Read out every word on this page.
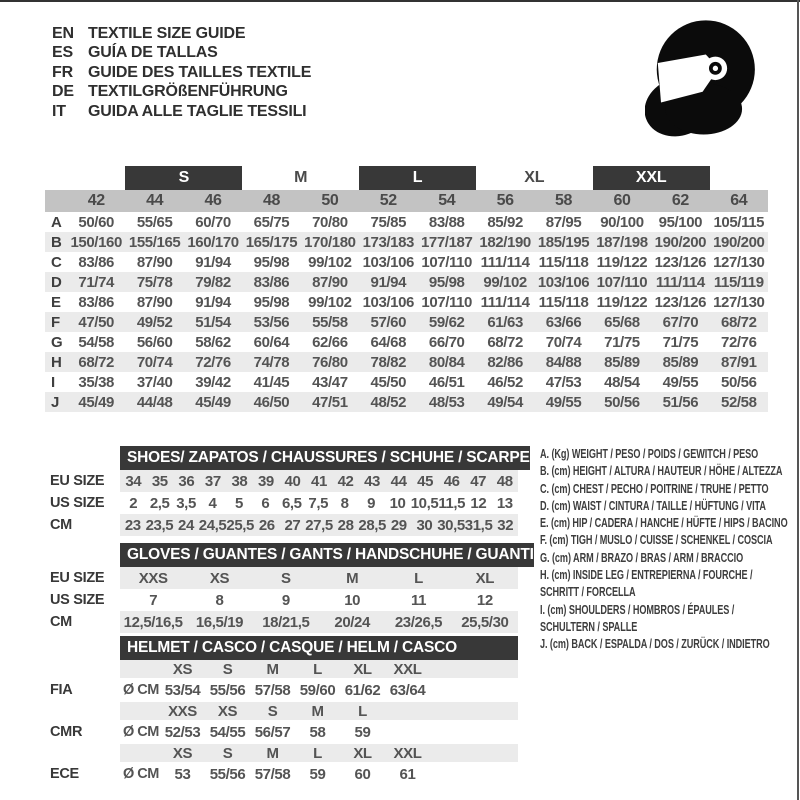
EN TEXTILE SIZE GUIDE
ES GUÍA DE TALLAS
FR GUIDE DES TAILLES TEXTILE
DE TEXTILGRÖßENFÜHRUNG
IT	GUIDA ALLE TAGLIE TESSILI
S	M	L	XL	XXL
42	44	46	48	50	52	54	56	58	60	62	64
A	50/60	55/65	60/70	65/75	70/80	75/85	83/88	85/92	87/95	90/100 95/100 105/115
B 150/160 155/165 160/170 165/175 170/180 173/183 177/187 182/190 185/195 187/198 190/200 190/200
C	83/86	87/90	91/94	95/98	99/102 103/106 107/110 111/114 115/118 119/122 123/126 127/130
D	71/74	75/78	79/82	83/86	87/90	91/94	95/98	99/102 103/106 107/110 111/114 115/119
E	83/86	87/90	91/94	95/98	99/102 103/106 107/110 111/114 115/118 119/122 123/126 127/130
F	47/50	49/52	51/54	53/56	55/58	57/60	59/62	61/63	63/66	65/68	67/70	68/72
G	54/58	56/60	58/62	60/64	62/66	64/68	66/70	68/72	70/74	71/75	71/75	72/76
H	68/72	70/74	72/76	74/78	76/80	78/82	80/84	82/86	84/88	85/89	85/89	87/91
I	35/38	37/40	39/42	41/45	43/47	45/50	46/51	46/52	47/53	48/54	49/55	50/56
J	45/49	44/48	45/49	46/50	47/51	48/52	48/53	49/54	49/55	50/56	51/56	52/58
SHOES/ ZAPATOS / CHAUSSURES / SCHUHE / SCARPE
EU SIZE	34 35 36 37 38 39 40 41 42 43 44 45 46 47 48
US SIZE	2 2,5 3,5 4	5	6 6,5 7,5 8	9 10 10,5 11,5 12 13
CM	23 23,5 24 24,5 25,5 26 27 27,5 28 28,5 29 30 30,5 31,5 32
GLOVES / GUANTES / GANTS / HANDSCHUHE / GUANTI
EU SIZE	XXS	XS	S	M	L	XL
US SIZE	7	8	9	10	11	12
CM	12,5/16,5 16,5/19	18/21,5	20/24	23/26,5	25,5/30
HELMET / CASCO / CASQUE / HELM / CASCO
XS	S	M	L	XL	XXL
FIA	Ø CM 53/54 55/56 57/58 59/60 61/62 63/64
XXS	XS	S	M	L
CMR	Ø CM 52/53 54/55 56/57	58	59
XS	S	M	L	XL	XXL
ECE	Ø CM	53	55/56 57/58	59	60	61
A. (Kg) WEIGHT / PESO / POIDS / GEWITCH / PESO
B. (cm) HEIGHT / ALTURA / HAUTEUR / HÖHE / ALTEZZA
C. (cm) CHEST / PECHO / POITRINE / TRUHE / PETTO
D. (cm) WAIST / CINTURA / TAILLE / HÜFTUNG / VITA
E. (cm) HIP / CADERA / HANCHE / HÜFTE / HIPS / BACINO
F. (cm) TIGH / MUSLO / CUISSE / SCHENKEL / COSCIA
G. (cm) ARM / BRAZO / BRAS / ARM / BRACCIO
H. (cm) INSIDE LEG / ENTREPIERNA / FOURCHE /
SCHRITT / FORCELLA
I. (cm) SHOULDERS / HOMBROS / ÉPAULES /
SCHULTERN / SPALLE
J. (cm) BACK / ESPALDA / DOS / ZURÜCK / INDIETRO
